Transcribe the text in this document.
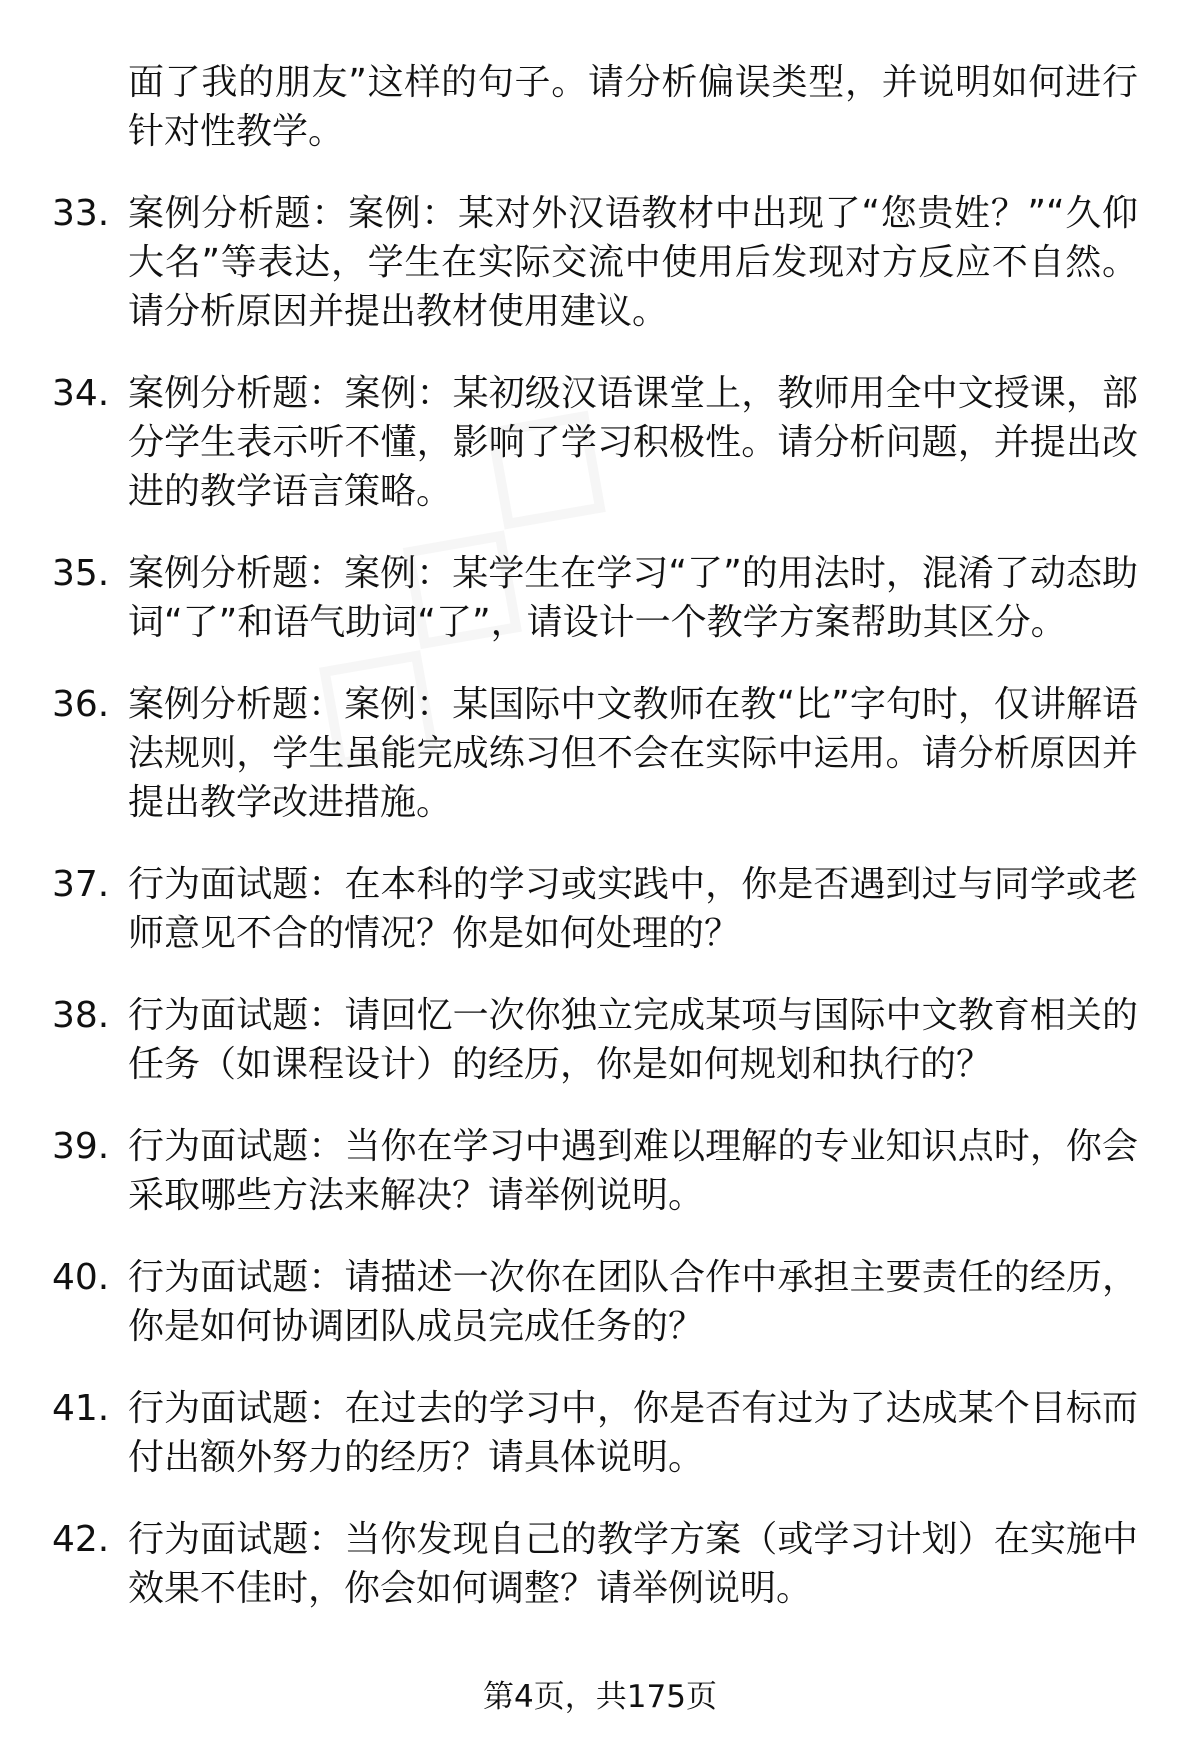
面了我的朋友”这样的句子。请分析偏误类型，并说明如何进行针对性教学。
33. 案例分析题：案例：某对外汉语教材中出现了“您贵姓？”“久仰大名”等表达，学生在实际交流中使用后发现对方反应不自然。请分析原因并提出教材使用建议。
34. 案例分析题：案例：某初级汉语课堂上，教师用全中文授课，部分学生表示听不懂，影响了学习积极性。请分析问题，并提出改进的教学语言策略。
35. 案例分析题：案例：某学生在学习“了”的用法时，混淆了动态助词“了”和语气助词“了”，请设计一个教学方案帮助其区分。
36. 案例分析题：案例：某国际中文教师在教“比”字句时，仅讲解语法规则，学生虽能完成练习但不会在实际中运用。请分析原因并提出教学改进措施。
37. 行为面试题：在本科的学习或实践中，你是否遇到过与同学或老师意见不合的情况？你是如何处理的？
38. 行为面试题：请回忆一次你独立完成某项与国际中文教育相关的任务（如课程设计）的经历，你是如何规划和执行的？
39. 行为面试题：当你在学习中遇到难以理解的专业知识点时，你会采取哪些方法来解决？请举例说明。
40. 行为面试题：请描述一次你在团队合作中承担主要责任的经历，你是如何协调团队成员完成任务的？
41. 行为面试题：在过去的学习中，你是否有过为了达成某个目标而付出额外努力的经历？请具体说明。
42. 行为面试题：当你发现自己的教学方案（或学习计划）在实施中效果不佳时，你会如何调整？请举例说明。
第4页，共175页
